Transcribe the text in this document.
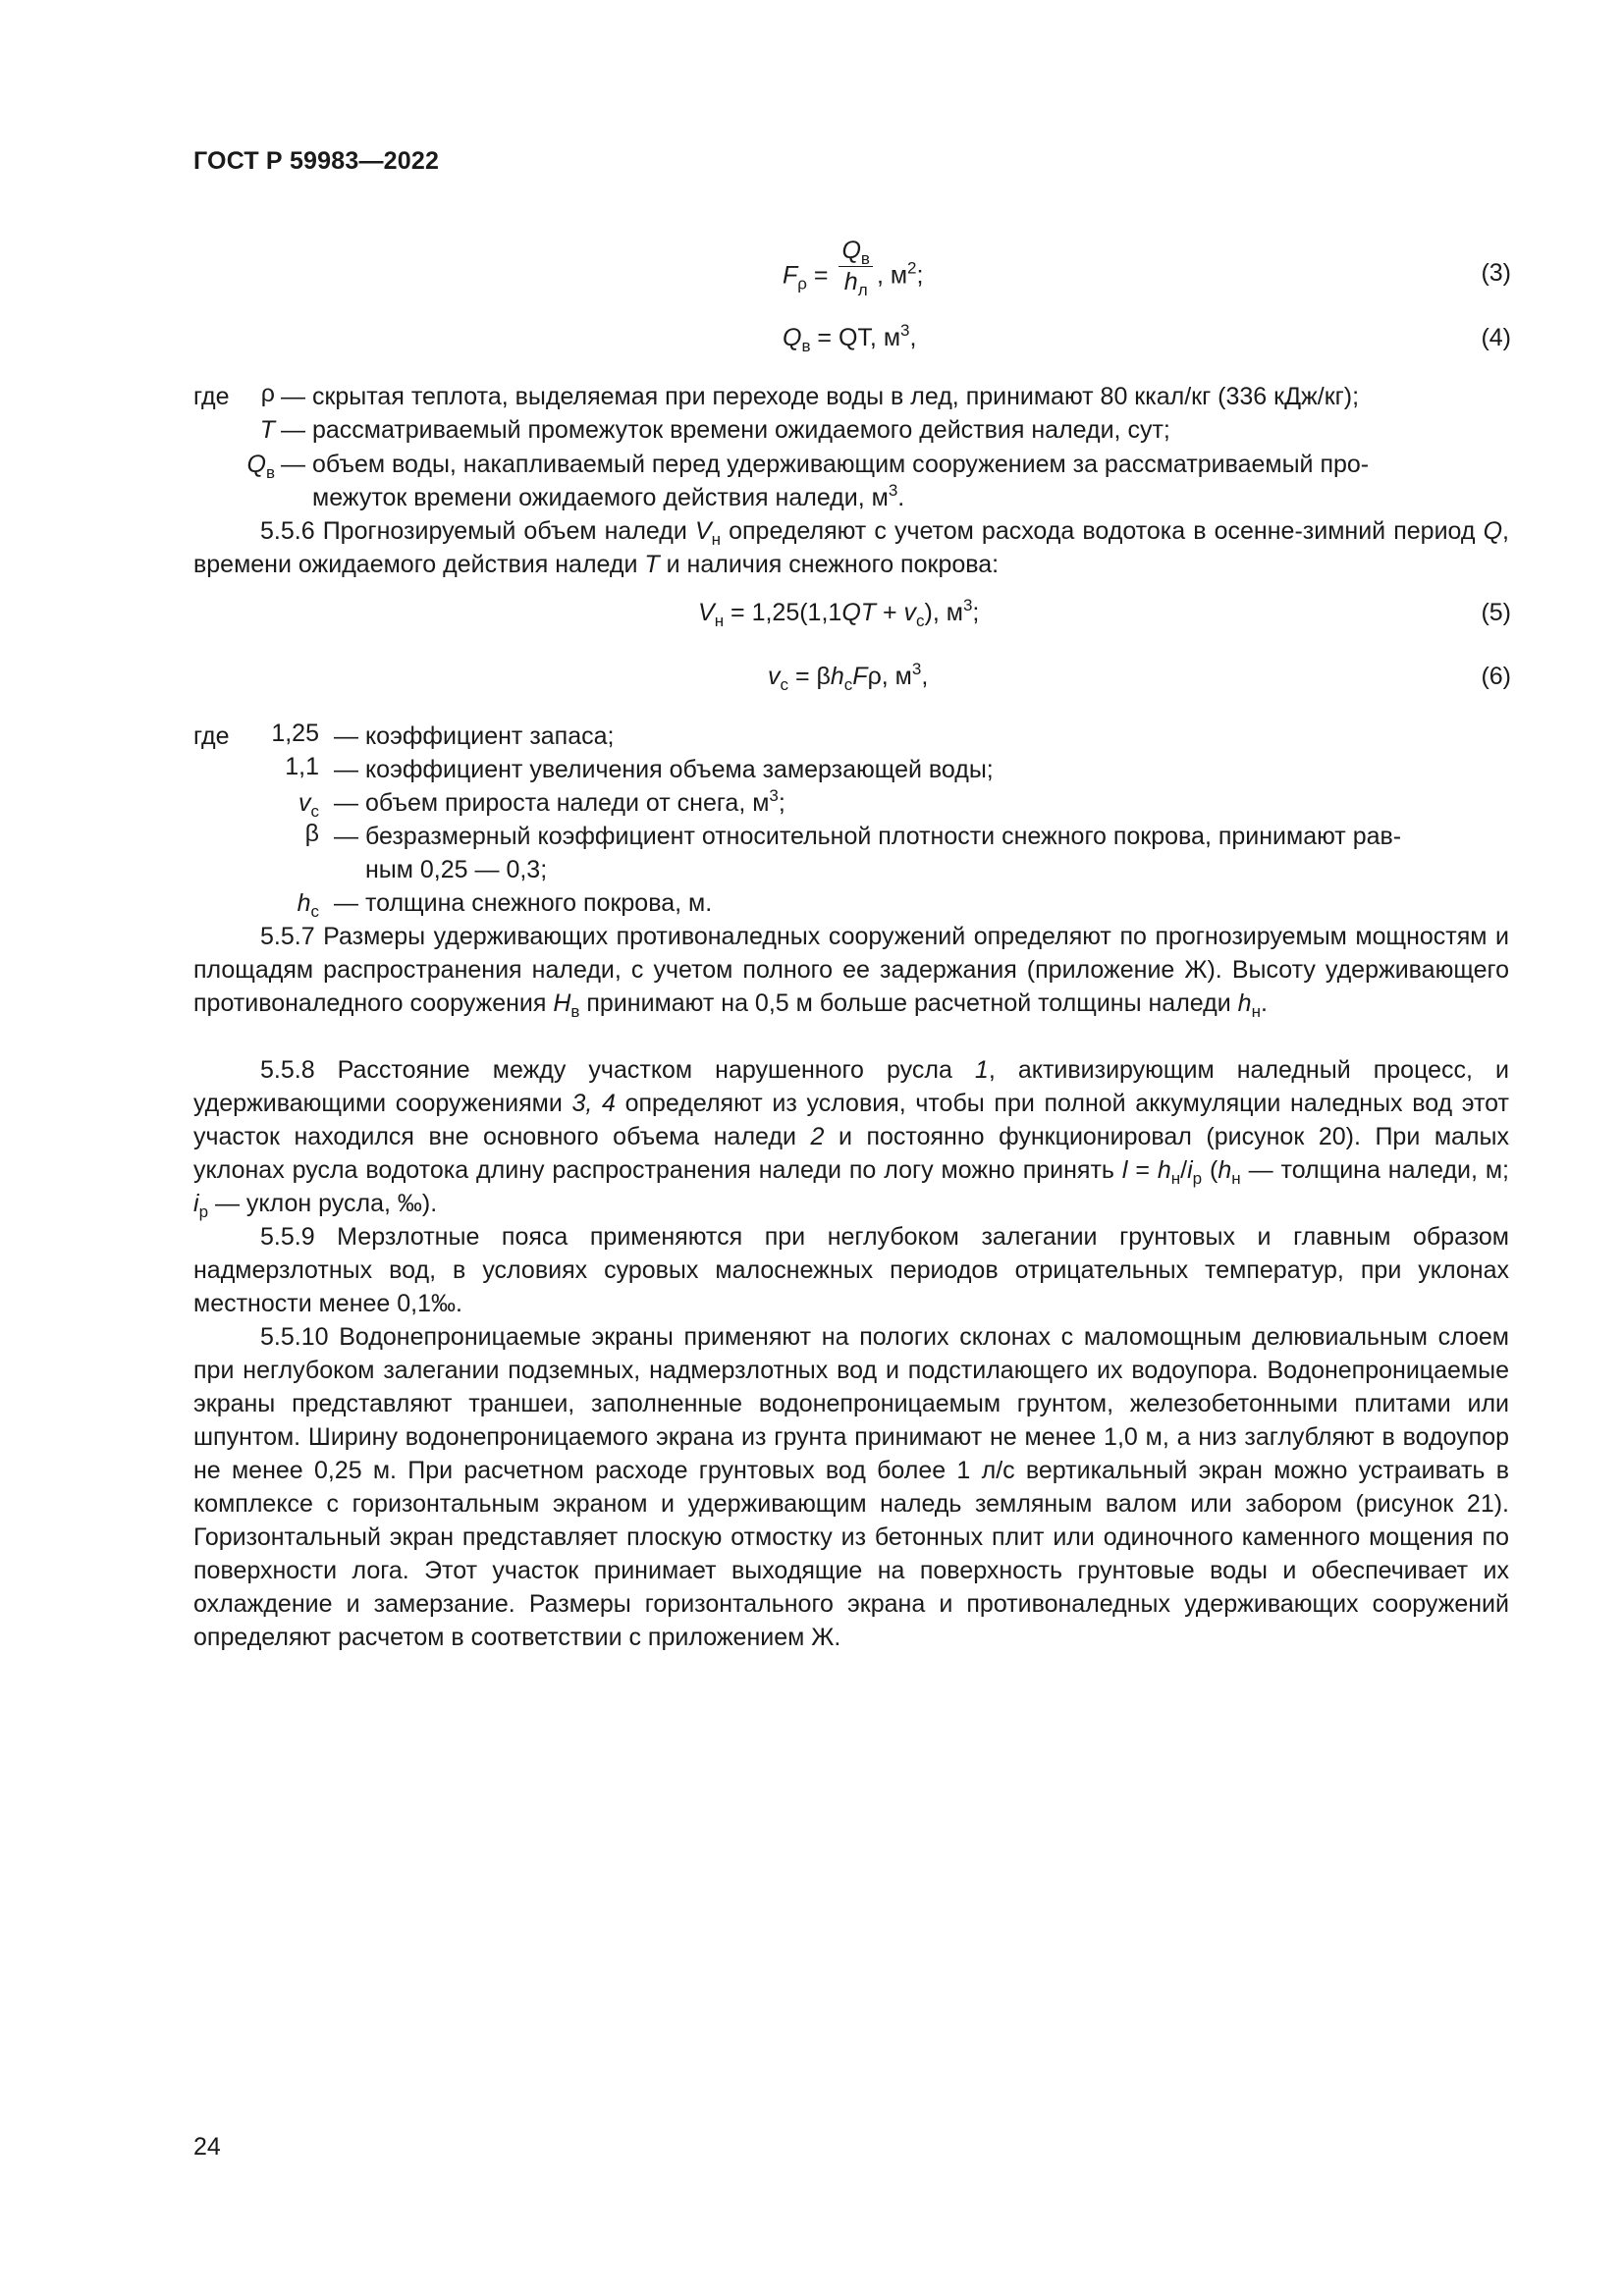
ГОСТ Р 59983—2022
$F_\rho = \frac{Q_в}{h_л}$ , $м^2$;	(3)
$Q_в$ = QT, $м^3$,	(4)
где	ρ — скрытая теплота, выделяемая при переходе воды в лед, принимают 80 ккал/кг (336 кДж/кг);
T — рассматриваемый промежуток времени ожидаемого действия наледи, сут;
$Q_в$ — объем воды, накапливаемый перед удерживающим сооружением за рассматриваемый про-
межуток времени ожидаемого действия наледи, $м^3$.

5.5.6 Прогнозируемый объем наледи $V_н$ определяют с учетом расхода водотока в осенне-зимний период Q, времени ожидаемого действия наледи T и наличия снежного покрова:

$V_н = 1,25(1,1QT + v_с)$, $м^3$;	(5)
$v_с = \beta h_сF\rho$, $м^3$,	(6)
где	1,25 — коэффициент запаса;
1,1 — коэффициент увеличения объема замерзающей воды;
$v_с$ — объем прироста наледи от снега, $м^3$;
β — безразмерный коэффициент относительной плотности снежного покрова, принимают рав-
ным 0,25 — 0,3;
$h_с$ — толщина снежного покрова, м.

5.5.7 Размеры удерживающих противоналедных сооружений определяют по прогнозируемым мощностям и площадям распространения наледи, с учетом полного ее задержания (приложение Ж). Высоту удерживающего противоналедного сооружения $H_в$ принимают на 0,5 м больше расчетной толщины наледи $h_н$.

5.5.8 Расстояние между участком нарушенного русла 1, активизирующим наледный процесс, и удерживающими сооружениями 3, 4 определяют из условия, чтобы при полной аккумуляции наледных вод этот участок находился вне основного объема наледи 2 и постоянно функционировал (рисунок 20). При малых уклонах русла водотока длину распространения наледи по логу можно принять $l = h_н/i_р$ ($h_н$ — толщина наледи, м; $i_р$ — уклон русла, ‰).

5.5.9 Мерзлотные пояса применяются при неглубоком залегании грунтовых и главным образом надмерзлотных вод, в условиях суровых малоснежных периодов отрицательных температур, при уклонах местности менее 0,1‰.

5.5.10 Водонепроницаемые экраны применяют на пологих склонах с маломощным делювиальным слоем при неглубоком залегании подземных, надмерзлотных вод и подстилающего их водоупора. Водонепроницаемые экраны представляют траншеи, заполненные водонепроницаемым грунтом, железобетонными плитами или шпунтом. Ширину водонепроницаемого экрана из грунта принимают не менее 1,0 м, а низ заглубляют в водоупор не менее 0,25 м. При расчетном расходе грунтовых вод более 1 л/с вертикальный экран можно устраивать в комплексе с горизонтальным экраном и удерживающим наледь земляным валом или забором (рисунок 21). Горизонтальный экран представляет плоскую отмостку из бетонных плит или одиночного каменного мощения по поверхности лога. Этот участок принимает выходящие на поверхность грунтовые воды и обеспечивает их охлаждение и замерзание. Размеры горизонтального экрана и противоналедных удерживающих сооружений определяют расчетом в соответствии с приложением Ж.

24
